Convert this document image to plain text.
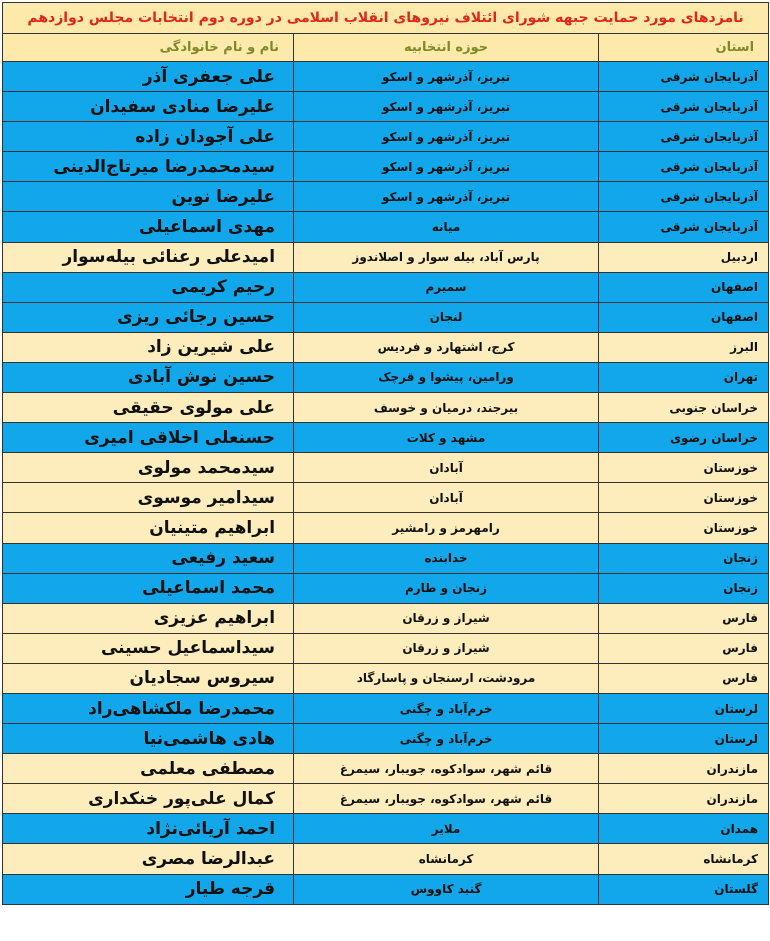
نامزدهای مورد حمایت جبهه شورای ائتلاف نیروهای انقلاب اسلامی در دوره دوم انتخابات مجلس دوازدهم		
استان	حوزه انتخابیه	نام و نام خانوادگی
آذربایجان شرقی	تبریز، آذرشهر و اسکو	علی جعفری آذر
آذربایجان شرقی	تبریز، آذرشهر و اسکو	علیرضا منادی سفیدان
آذربایجان شرقی	تبریز، آذرشهر و اسکو	علی آجودان زاده
آذربایجان شرقی	تبریز، آذرشهر و اسکو	سیدمحمدرضا میرتاج‌الدینی
آذربایجان شرقی	تبریز، آذرشهر و اسکو	علیرضا نوین
آذربایجان شرقی	میانه	مهدی اسماعیلی
اردبیل	پارس آباد، بیله سوار و اصلاندوز	امیدعلی رعنائی بیله‌سوار
اصفهان	سمیرم	رحیم کریمی
اصفهان	لنجان	حسین رجائی ریزی
البرز	کرج، اشتهارد و فردیس	علی شیرین زاد
تهران	ورامین، پیشوا و قرچک	حسین نوش آبادی
خراسان جنوبی	بیرجند، درمیان و خوسف	علی مولوی حقیقی
خراسان رضوی	مشهد و کلات	حسنعلی اخلاقی امیری
خوزستان	آبادان	سیدمحمد مولوی
خوزستان	آبادان	سیدامیر موسوی
خوزستان	رامهرمز و رامشیر	ابراهیم متینیان
زنجان	خدابنده	سعید رفیعی
زنجان	زنجان و طارم	محمد اسماعیلی
فارس	شیراز و زرقان	ابراهیم عزیزی
فارس	شیراز و زرقان	سیداسماعیل حسینی
فارس	مرودشت، ارسنجان و پاسارگاد	سیروس سجادیان
لرستان	خرم‌آباد و چگنی	محمدرضا ملکشاهی‌راد
لرستان	خرم‌آباد و چگنی	هادی هاشمی‌نیا
مازندران	قائم شهر، سوادکوه، جویبار، سیمرغ	مصطفی معلمی
مازندران	قائم شهر، سوادکوه، جویبار، سیمرغ	کمال علی‌پور خنکداری
همدان	ملایر	احمد آریائی‌نژاد
کرمانشاه	کرمانشاه	عبدالرضا مصری
گلستان	گنبد کاووس	قرجه طیار
